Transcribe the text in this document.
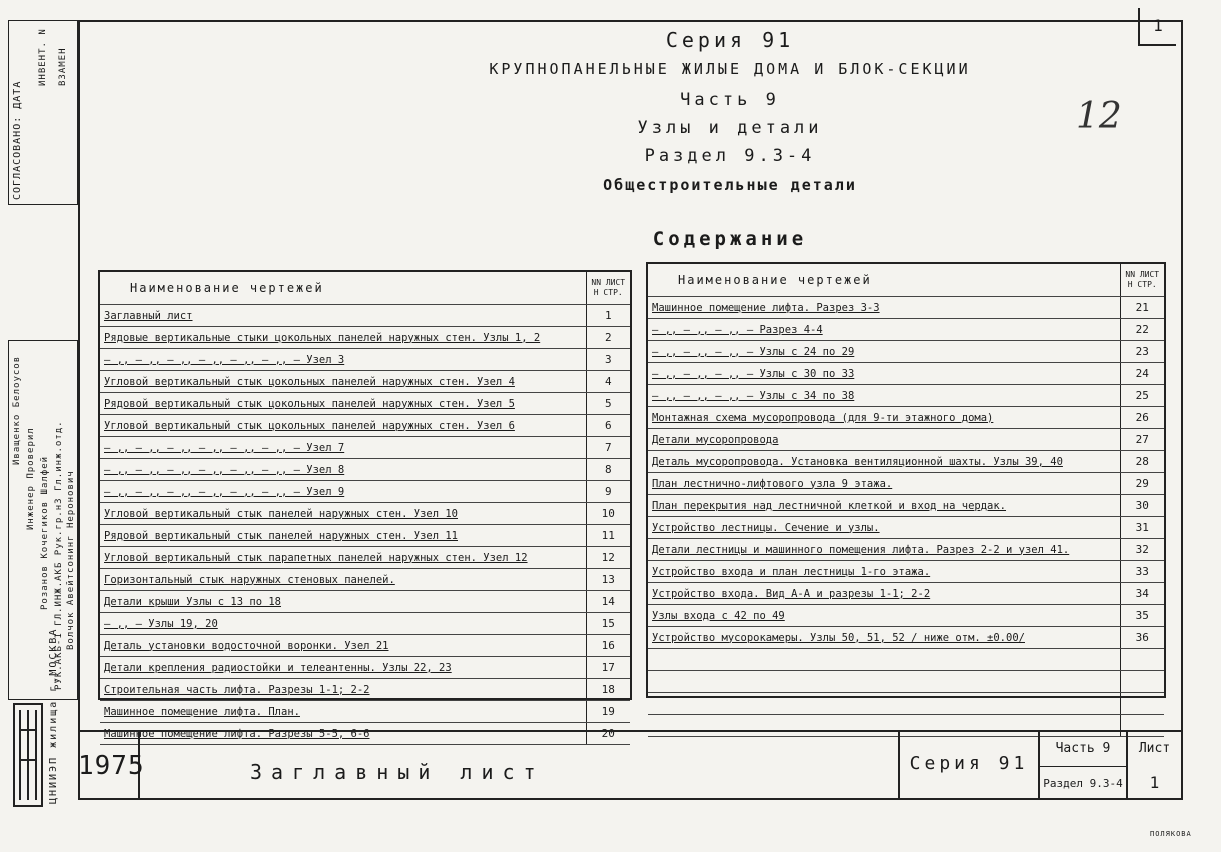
1
12
СОГЛАСОВАНО: ДАТА
ИНВЕНТ. N ВЗАМЕН
Иващенко Белоусов
Инженер Проверил Розанов Кочегиков Шалфей РУК.АКБ-1 ГЛ.ИНЖ.АКБ Рук.гр.н3 Гл.инж.отд. Волчок Авейтсонинг Неронович
ЦНИИЭП жилища г.МОСКВА
Серия 91
КРУПНОПАНЕЛЬНЫЕ ЖИЛЫЕ ДОМА И БЛОК-СЕКЦИИ
Часть 9
Узлы и детали
Раздел 9.3-4
Общестроительные детали
Содержание
Наименование чертежей	NN ЛИСТ Н СТР.
Заглавный лист	1
Рядовые вертикальные стыки цокольных панелей наружных стен. Узлы 1, 2	2
— ,, — ,, — ,, — ,, — ,, — ,, — Узел 3	3
Угловой вертикальный стык цокольных панелей наружных стен. Узел 4	4
Рядовой вертикальный стык цокольных панелей наружных стен. Узел 5	5
Угловой вертикальный стык цокольных панелей наружных стен. Узел 6	6
— ,, — ,, — ,, — ,, — ,, — ,, — Узел 7	7
— ,, — ,, — ,, — ,, — ,, — ,, — Узел 8	8
— ,, — ,, — ,, — ,, — ,, — ,, — Узел 9	9
Угловой вертикальный стык панелей наружных стен. Узел 10	10
Рядовой вертикальный стык панелей наружных стен. Узел 11	11
Угловой вертикальный стык парапетных панелей наружных стен. Узел 12	12
Горизонтальный стык наружных стеновых панелей.	13
Детали крыши Узлы с 13 по 18	14
— ,, — Узлы 19, 20	15
Деталь установки водосточной воронки. Узел 21	16
Детали крепления радиостойки и телеантенны. Узлы 22, 23	17
Строительная часть лифта. Разрезы 1-1; 2-2	18
Машинное помещение лифта. План.	19
Машинное помещение лифта. Разрезы 5-5, 6-6	20
Наименование чертежей	NN ЛИСТ Н СТР.
Машинное помещение лифта. Разрез 3-3	21
— ,, — ,, — ,, — Разрез 4-4	22
— ,, — ,, — ,, — Узлы с 24 по 29	23
— ,, — ,, — ,, — Узлы с 30 по 33	24
— ,, — ,, — ,, — Узлы с 34 по 38	25
Монтажная схема мусоропровода (для 9-ти этажного дома)	26
Детали мусоропровода	27
Деталь мусоропровода. Установка вентиляционной шахты. Узлы 39, 40	28
План лестнично-лифтового узла 9 этажа.	29
План перекрытия над лестничной клеткой и вход на чердак.	30
Устройство лестницы. Сечение и узлы.	31
Детали лестницы и машинного помещения лифта. Разрез 2-2 и узел 41.	32
Устройство входа и план лестницы 1-го этажа.	33
Устройство входа. Вид А-А и разрезы 1-1; 2-2	34
Узлы входа с 42 по 49	35
Устройство мусорокамеры. Узлы 50, 51, 52 / ниже отм. ±0.00/	36

1975	Заглавный лист	Серия 91
Часть 9
Раздел 9.3-4
Лист
1
ПОЛЯКОВА
